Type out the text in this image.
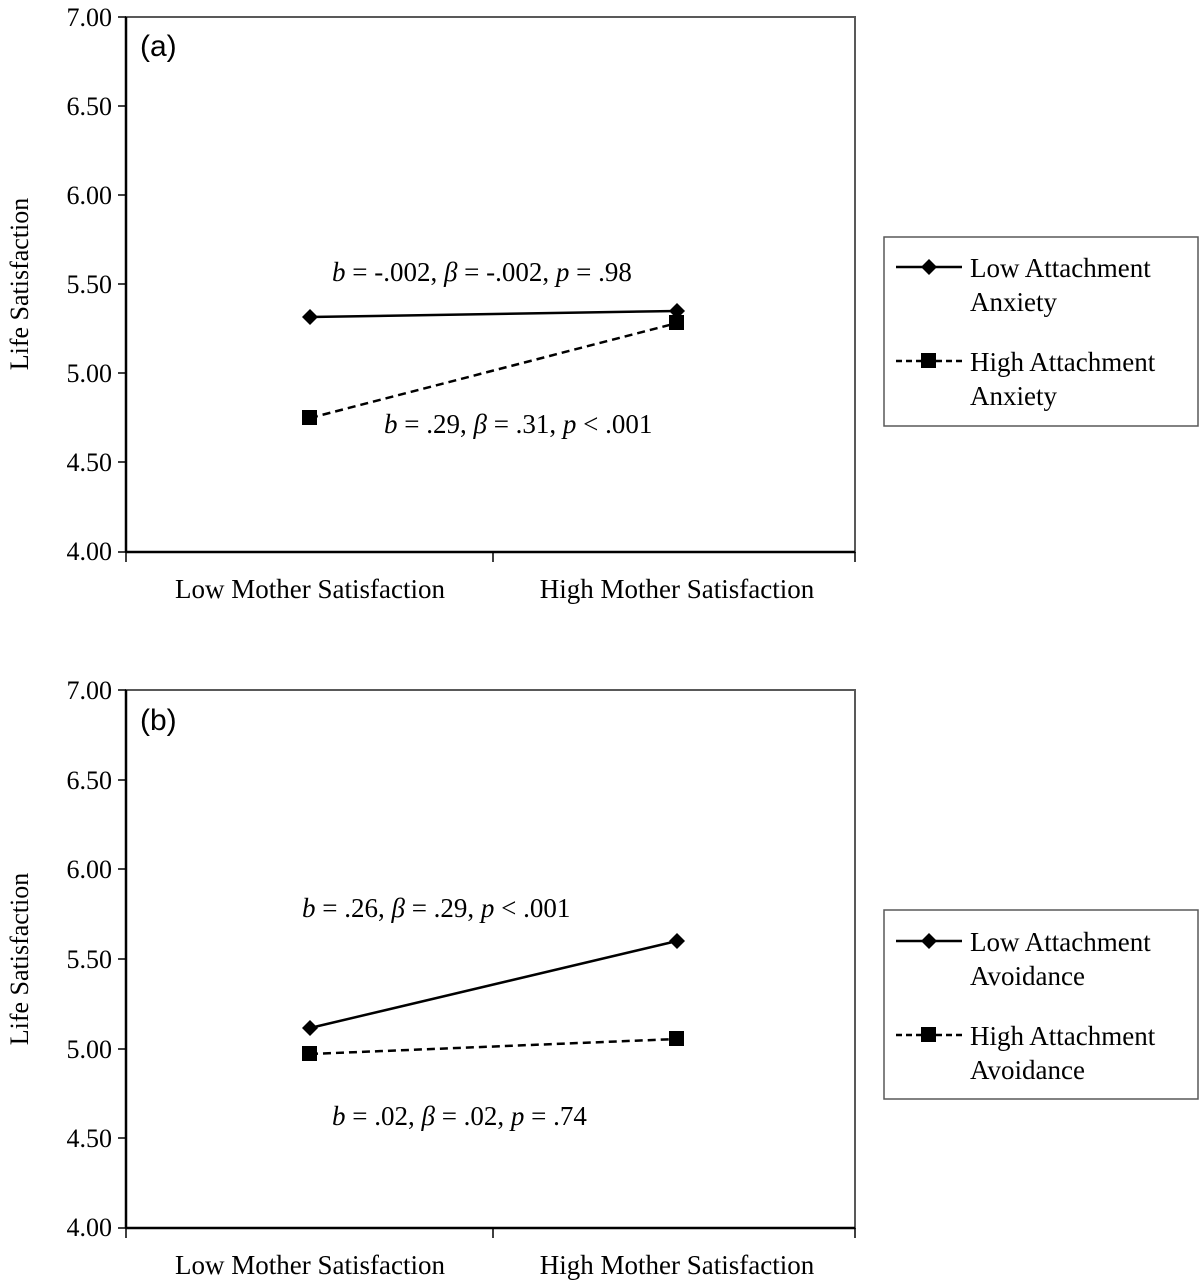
4.00
4.50
5.00
5.50
6.00
6.50
7.00
Life Satisfaction
Low Mother Satisfaction	High Mother Satisfaction
(a)
b = -.002, β = -.002, p = .98
b = .29, β = .31, p < .001
Low Attachment
Anxiety
High Attachment
Anxiety
4.00
4.50
5.00
5.50
6.00
6.50
7.00
Life Satisfaction
Low Mother Satisfaction	High Mother Satisfaction
(b)
b = .26, β = .29, p < .001
b = .02, β = .02, p = .74
Low Attachment
Avoidance
High Attachment
Avoidance
